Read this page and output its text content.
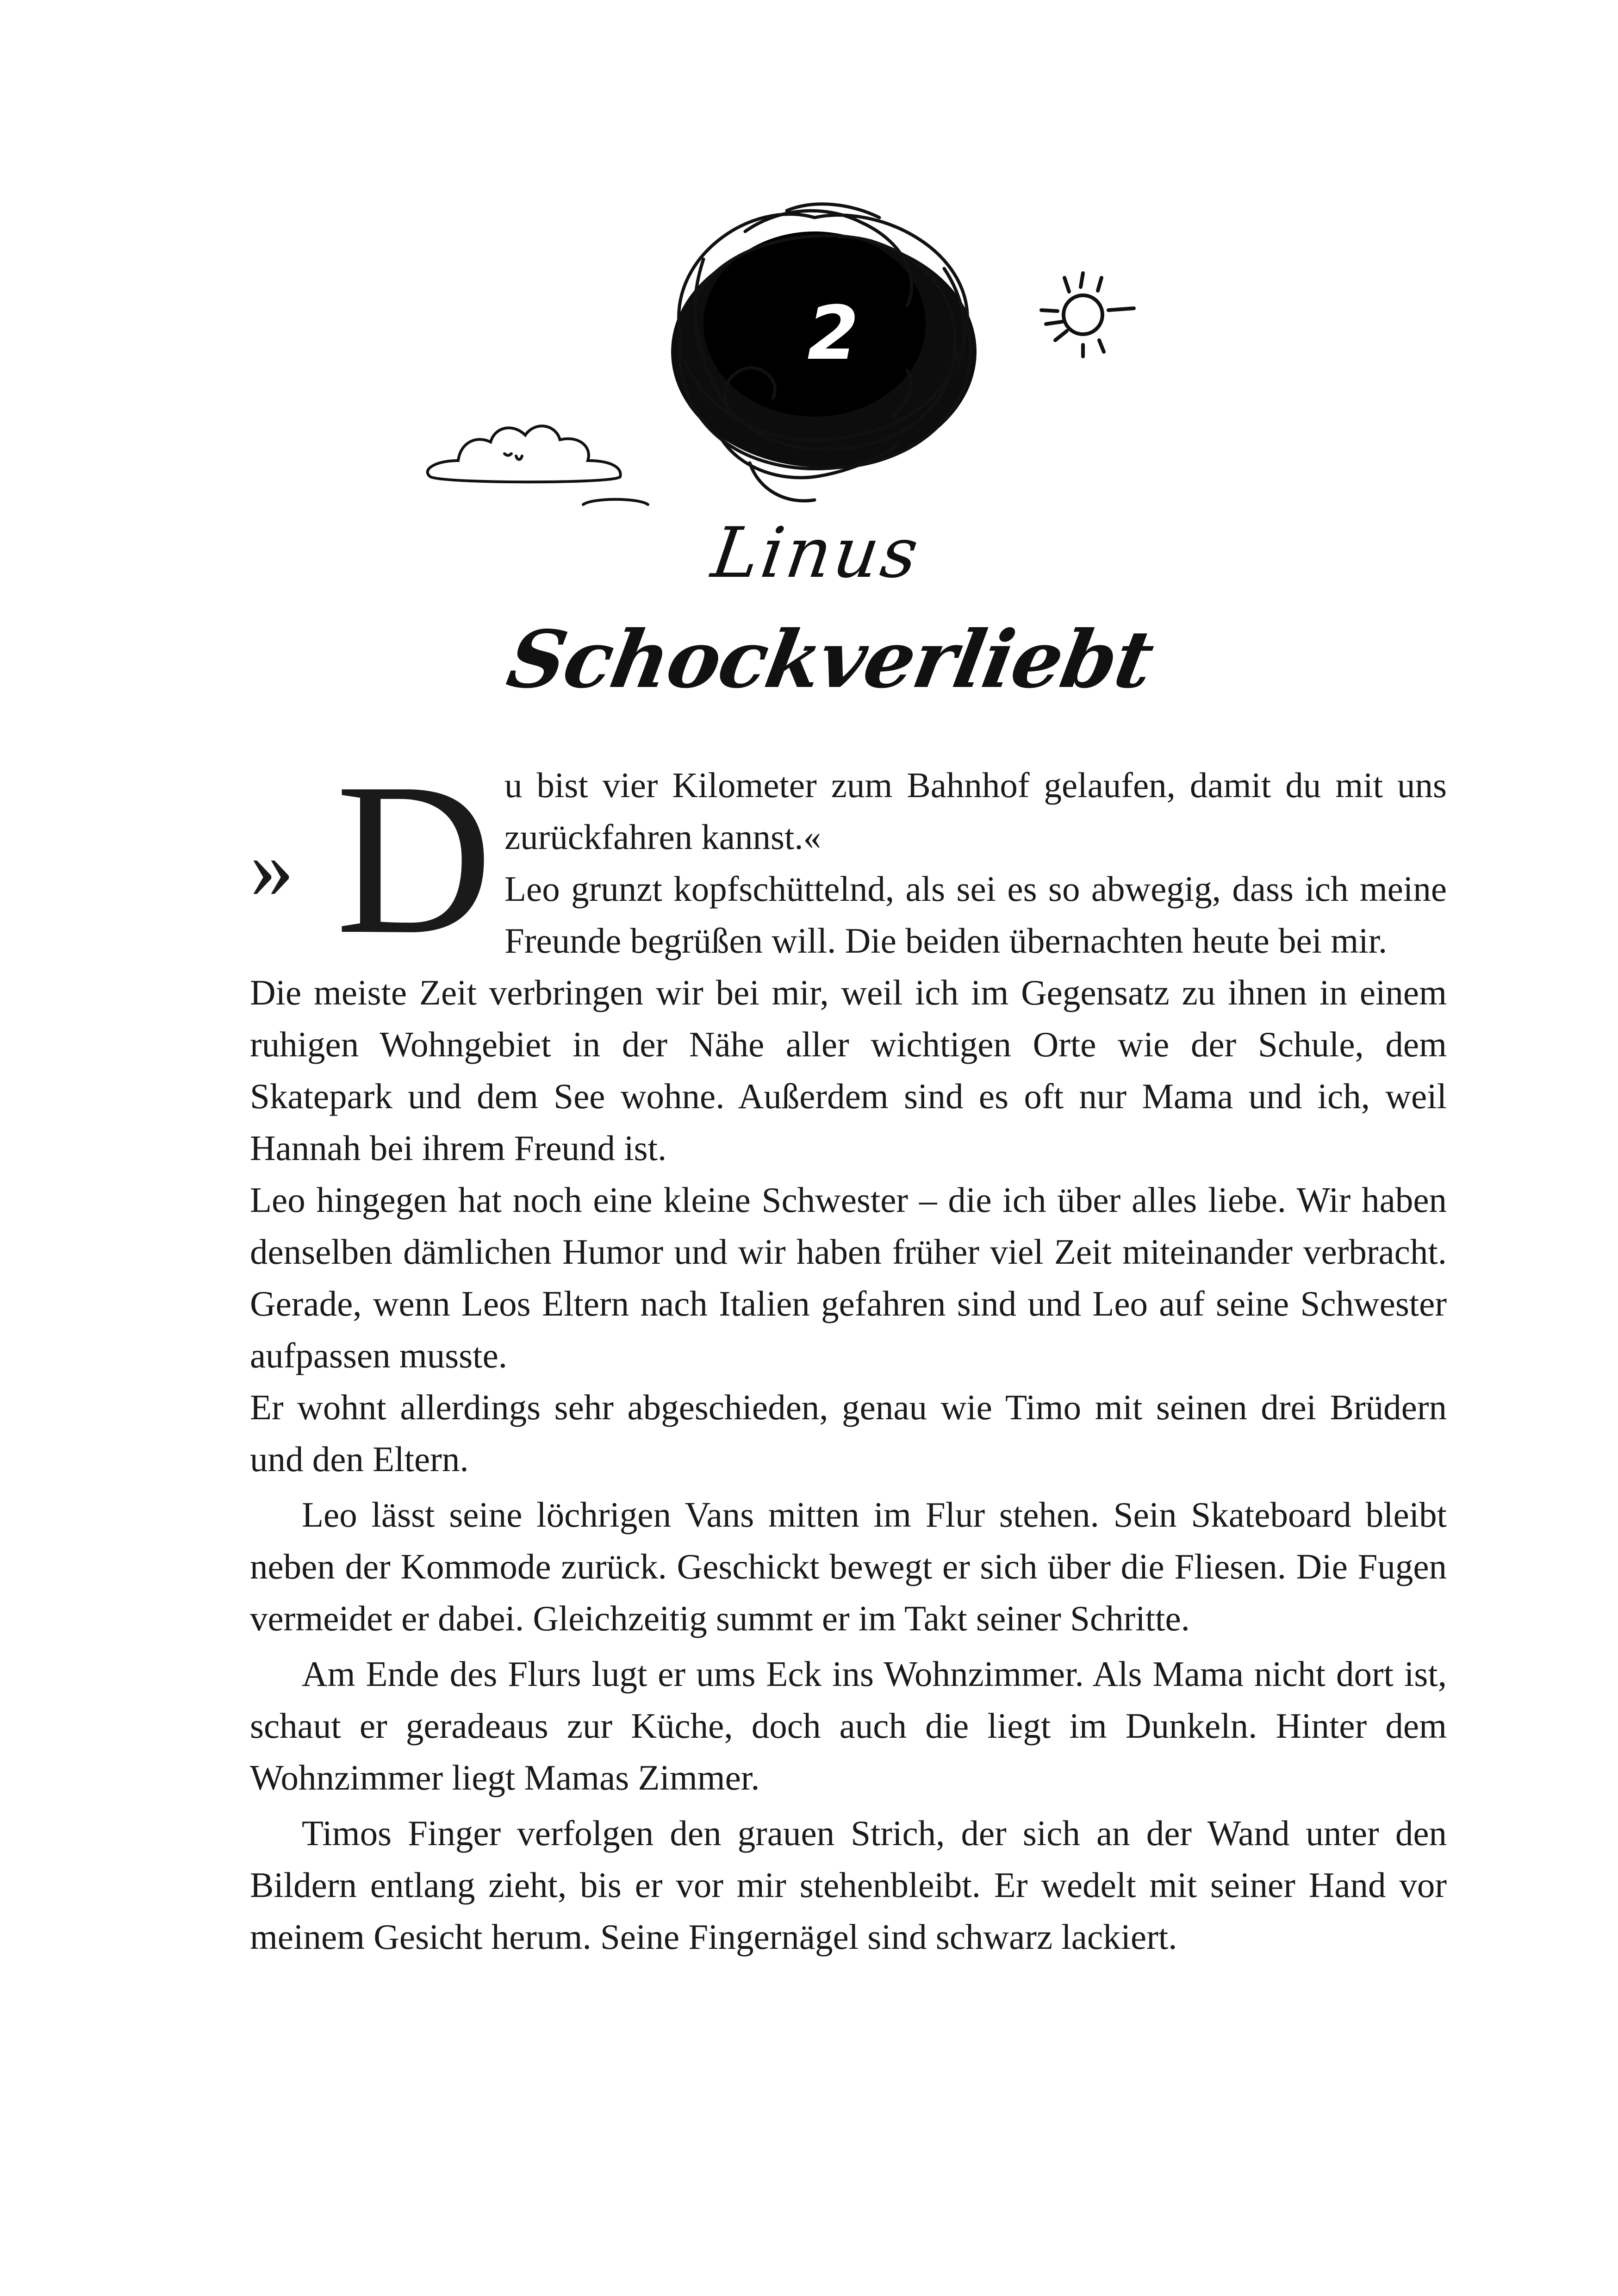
2
Linus
Schockverliebt
» D u bist vier Kilometer zum Bahnhof gelaufen, damit du mit uns zurückfahren kannst.«

Leo grunzt kopfschüttelnd, als sei es so abwegig, dass ich meine Freunde begrüßen will. Die beiden übernachten heute bei mir.

Die meiste Zeit verbringen wir bei mir, weil ich im Gegensatz zu ihnen in einem ruhigen Wohngebiet in der Nähe aller wichtigen Orte wie der Schule, dem Skatepark und dem See wohne. Außerdem sind es oft nur Mama und ich, weil Hannah bei ihrem Freund ist.

Leo hingegen hat noch eine kleine Schwester – die ich über alles liebe. Wir haben denselben dämlichen Humor und wir haben früher viel Zeit miteinander verbracht. Gerade, wenn Leos Eltern nach Italien gefahren sind und Leo auf seine Schwester aufpassen musste.

Er wohnt allerdings sehr abgeschieden, genau wie Timo mit seinen drei Brüdern und den Eltern.

Leo lässt seine löchrigen Vans mitten im Flur stehen. Sein Skateboard bleibt neben der Kommode zurück. Geschickt bewegt er sich über die Fliesen. Die Fugen vermeidet er dabei. Gleichzeitig summt er im Takt seiner Schritte.

Am Ende des Flurs lugt er ums Eck ins Wohnzimmer. Als Mama nicht dort ist, schaut er geradeaus zur Küche, doch auch die liegt im Dunkeln. Hinter dem Wohnzimmer liegt Mamas Zimmer.

Timos Finger verfolgen den grauen Strich, der sich an der Wand unter den Bildern entlang zieht, bis er vor mir stehenbleibt. Er wedelt mit seiner Hand vor meinem Gesicht herum. Seine Fingernägel sind schwarz lackiert.
